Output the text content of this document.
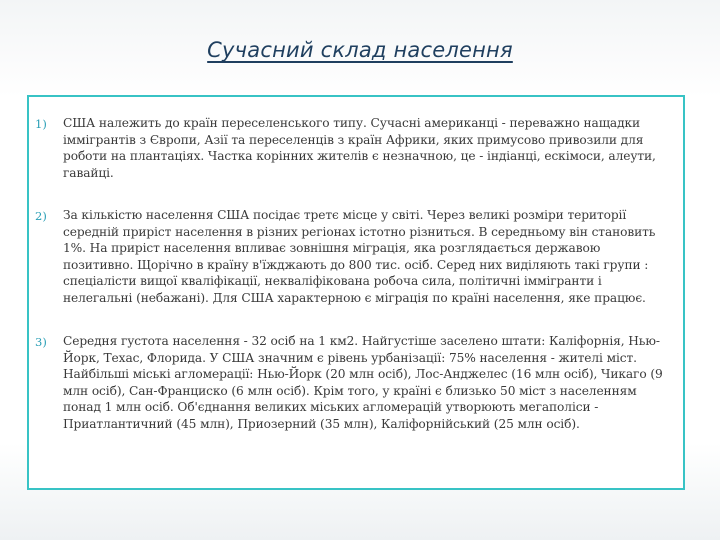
Сучасний склад населення
1) США належить до країн переселенського типу. Сучасні американці - переважно нащадки іммігрантів з Європи, Азії та переселенців з країн Африки, яких примусово привозили для роботи на плантаціях. Частка корінних жителів є незначною, це - індіанці, ескімоси, алеути, гавайці.
2) За кількістю населення США посідає третє місце у світі. Через великі розміри території середній приріст населення в різних регіонах істотно різниться. В середньому він становить 1%. На приріст населення впливає зовнішня міграція, яка розглядається державою позитивно. Щорічно в країну в'їжджають до 800 тис. осіб. Серед них виділяють такі групи : спеціалісти вищої кваліфікації, некваліфікована робоча сила, політичні іммігранти і нелегальні (небажані). Для США характерною є міграція по країні населення, яке працює.
3) Середня густота населення - 32 осіб на 1 км2. Найгустіше заселено штати: Каліфорнія, Нью-Йорк, Техас, Флорида. У США значним є рівень урбанізації: 75% населення - жителі міст. Найбільші міські агломерації: Нью-Йорк (20 млн осіб), Лос-Анджелес (16 млн осіб), Чикаго (9 млн осіб), Сан-Франциско (6 млн осіб). Крім того, у країні є близько 50 міст з населенням понад 1 млн осіб. Об'єднання великих міських агломерацій утворюють мегаполіси - Приатлантичний (45 млн), Приозерний (35 млн), Каліфорнійський (25 млн осіб).
